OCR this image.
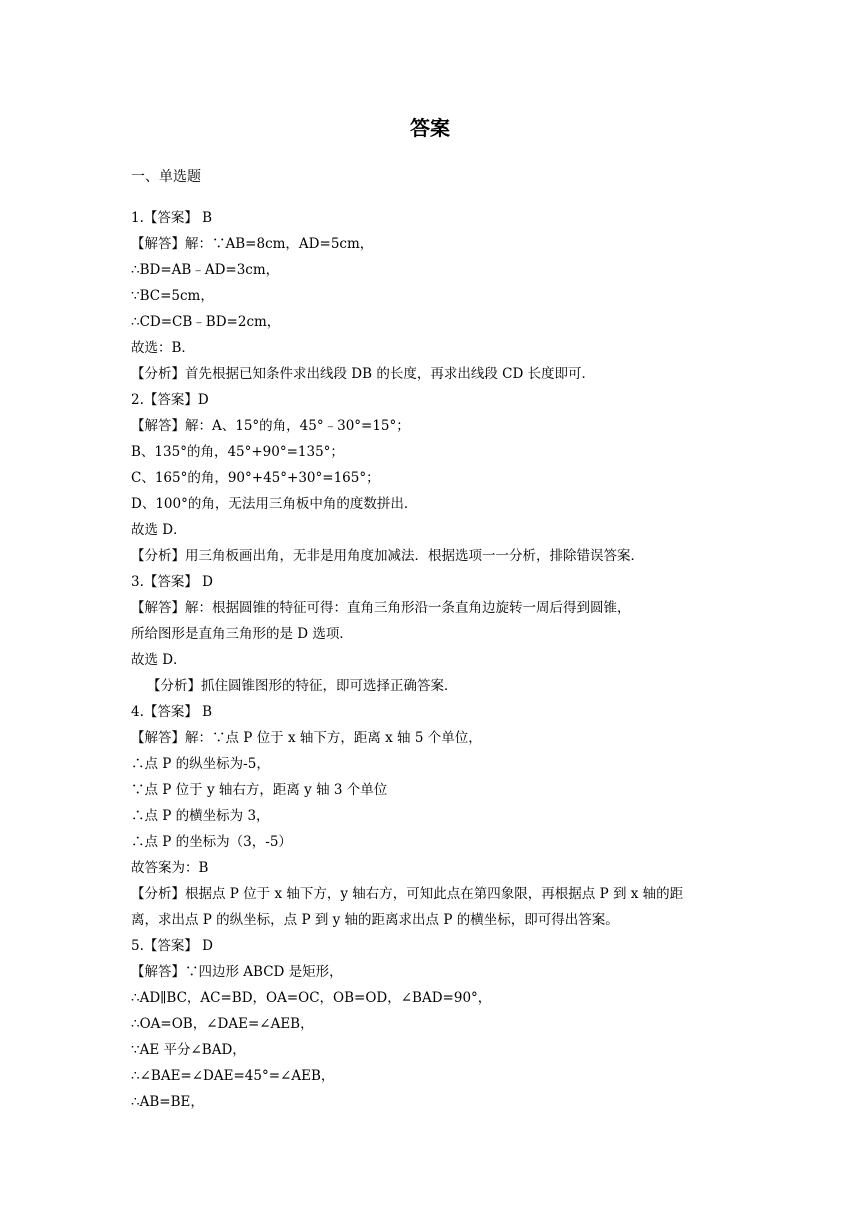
答案
一、单选题
1.【答案】 B
【解答】解：∵AB=8cm，AD=5cm，
∴BD=AB﹣AD=3cm，
∵BC=5cm，
∴CD=CB﹣BD=2cm，
故选：B．
【分析】首先根据已知条件求出线段 DB 的长度，再求出线段 CD 长度即可．
2.【答案】D
【解答】解：A、15°的角，45°﹣30°=15°；
B、135°的角，45°+90°=135°；
C、165°的角，90°+45°+30°=165°；
D、100°的角，无法用三角板中角的度数拼出．
故选 D．
【分析】用三角板画出角，无非是用角度加减法．根据选项一一分析，排除错误答案．
3.【答案】 D
【解答】解：根据圆锥的特征可得：直角三角形沿一条直角边旋转一周后得到圆锥，
所给图形是直角三角形的是 D 选项．
故选 D．
【分析】抓住圆锥图形的特征，即可选择正确答案．
4.【答案】 B
【解答】解：∵点 P 位于 x 轴下方，距离 x 轴 5 个单位，
∴点 P 的纵坐标为-5，
∵点 P 位于 y 轴右方，距离 y 轴 3 个单位
∴点 P 的横坐标为 3，
∴点 P 的坐标为（3，-5）
故答案为：B
【分析】根据点 P 位于 x 轴下方，y 轴右方，可知此点在第四象限，再根据点 P 到 x 轴的距
离，求出点 P 的纵坐标，点 P 到 y 轴的距离求出点 P 的横坐标，即可得出答案。
5.【答案】 D
【解答】∵四边形 ABCD 是矩形，
∴AD∥BC，AC=BD，OA=OC，OB=OD，∠BAD=90°，
∴OA=OB，∠DAE=∠AEB，
∵AE 平分∠BAD，
∴∠BAE=∠DAE=45°=∠AEB，
∴AB=BE，
